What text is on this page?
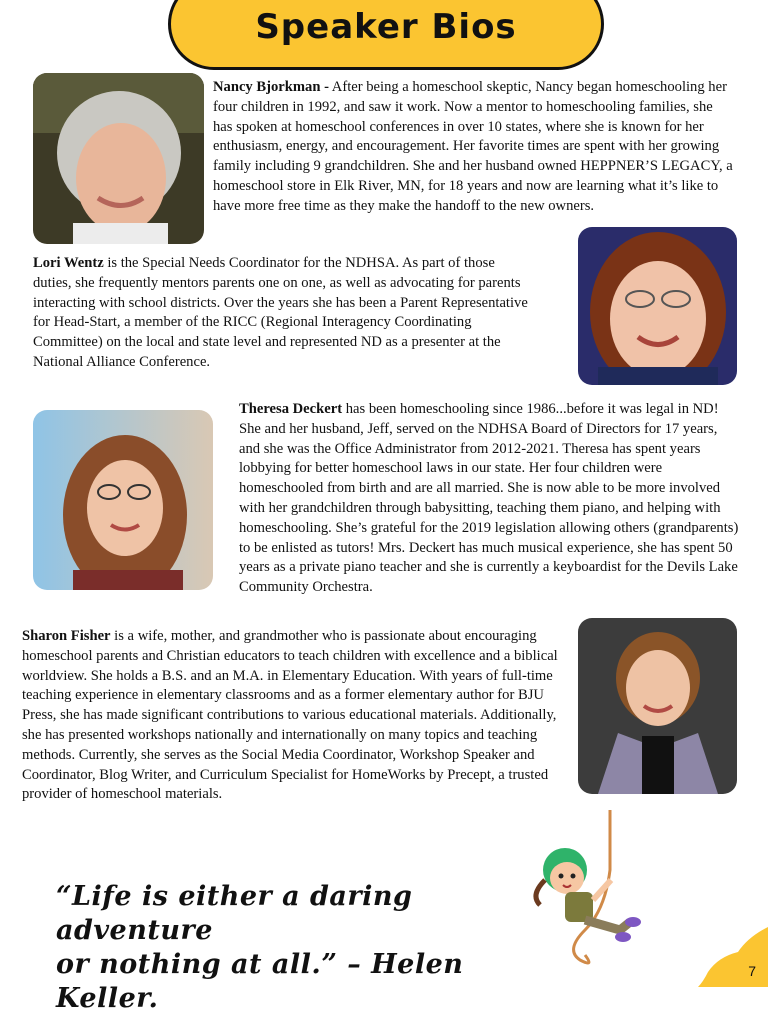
Speaker Bios

Nancy Bjorkman - After being a homeschool skeptic, Nancy began homeschooling her four children in 1992, and saw it work. Now a mentor to homeschooling families, she has spoken at homeschool conferences in over 10 states, where she is known for her enthusiasm, energy, and encouragement. Her favorite times are spent with her growing family including 9 grandchildren. She and her husband owned HEPPNER’S LEGACY, a homeschool store in Elk River, MN, for 18 years and now are learning what it’s like to have more free time as they make the handoff to the new owners.

Lori Wentz is the Special Needs Coordinator for the NDHSA. As part of those duties, she frequently mentors parents one on one, as well as advocating for parents interacting with school districts. Over the years she has been a Parent Representative for Head-Start, a member of the RICC (Regional Interagency Coordinating Committee) on the local and state level and represented ND as a presenter at the National Alliance Conference.

Theresa Deckert has been homeschooling since 1986...before it was legal in ND! She and her husband, Jeff, served on the NDHSA Board of Directors for 17 years, and she was the Office Administrator from 2012-2021. Theresa has spent years lobbying for better homeschool laws in our state. Her four children were homeschooled from birth and are all married. She is now able to be more involved with her grandchildren through babysitting, teaching them piano, and helping with homeschooling. She’s grateful for the 2019 legislation allowing others (grandparents) to be enlisted as tutors! Mrs. Deckert has much musical experience, she has spent 50 years as a private piano teacher and she is currently a keyboardist for the Devils Lake Community Orchestra.

Sharon Fisher is a wife, mother, and grandmother who is passionate about encouraging homeschool parents and Christian educators to teach children with excellence and a biblical worldview. She holds a B.S. and an M.A. in Elementary Education. With years of full-time teaching experience in elementary classrooms and as a former elementary author for BJU Press, she has made significant contributions to various educational materials. Additionally, she has presented workshops nationally and internationally on many topics and teaching methods. Currently, she serves as the Social Media Coordinator, Workshop Speaker and Coordinator, Blog Writer, and Curriculum Specialist for HomeWorks by Precept, a trusted provider of homeschool materials.

“Life is either a daring adventure
or nothing at all.” – Helen Keller.
7
